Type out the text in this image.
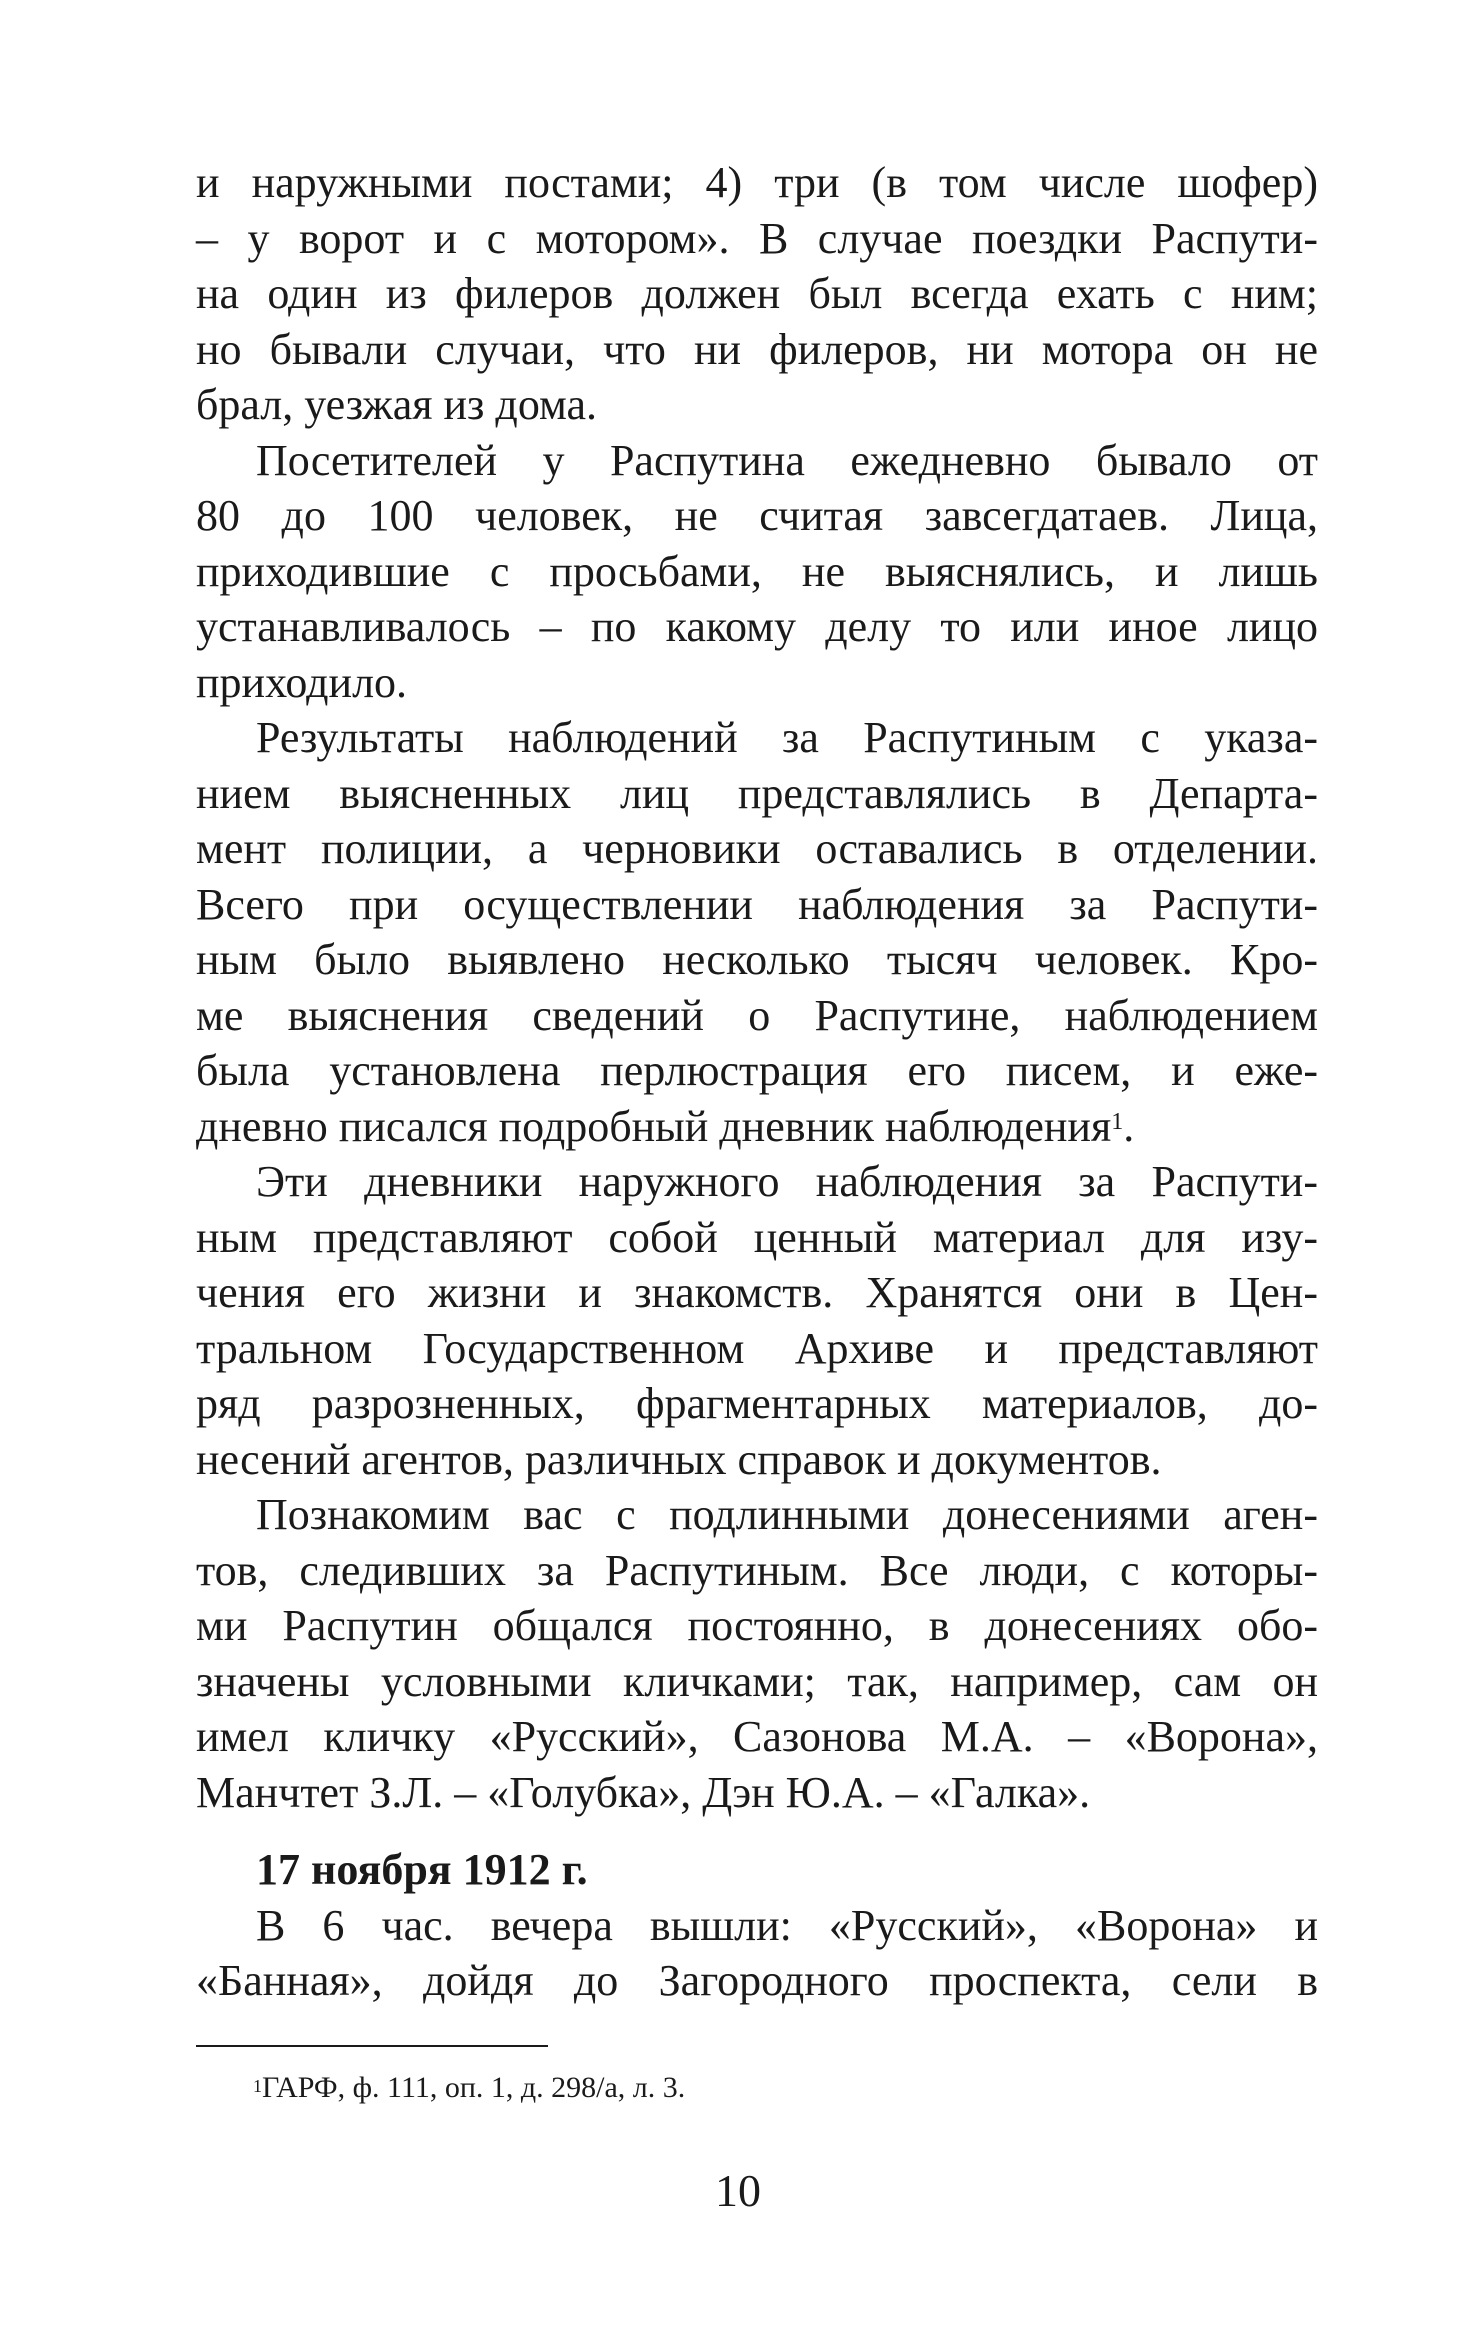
и наружными постами; 4) три (в том числе шофер)
– у ворот и с мотором». В случае поездки Распути-
на один из филеров должен был всегда ехать с ним;
но бывали случаи, что ни филеров, ни мотора он не
брал, уезжая из дома.
Посетителей у Распутина ежедневно бывало от
80 до 100 человек, не считая завсегдатаев. Лица,
приходившие с просьбами, не выяснялись, и лишь
устанавливалось – по какому делу то или иное лицо
приходило.
Результаты наблюдений за Распутиным с указа-
нием выясненных лиц представлялись в Департа-
мент полиции, а черновики оставались в отделении.
Всего при осуществлении наблюдения за Распути-
ным было выявлено несколько тысяч человек. Кро-
ме выяснения сведений о Распутине, наблюдением
была установлена перлюстрация его писем, и еже-
дневно писался подробный дневник наблюдения$^1$.
Эти дневники наружного наблюдения за Распути-
ным представляют собой ценный материал для изу-
чения его жизни и знакомств. Хранятся они в Цен-
тральном Государственном Архиве и представляют
ряд разрозненных, фрагментарных материалов, до-
несений агентов, различных справок и документов.
Познакомим вас с подлинными донесениями аген-
тов, следивших за Распутиным. Все люди, с которы-
ми Распутин общался постоянно, в донесениях обо-
значены условными кличками; так, например, сам он
имел кличку «Русский», Сазонова М.А. – «Ворона»,
Манчтет З.Л. – «Голубка», Дэн Ю.А. – «Галка».
17 ноября 1912 г.
В 6 час. вечера вышли: «Русский», «Ворона» и
«Банная», дойдя до Загородного проспекта, сели в
$^1$ГАРФ, ф. 111, оп. 1, д. 298/а, л. 3.
10
